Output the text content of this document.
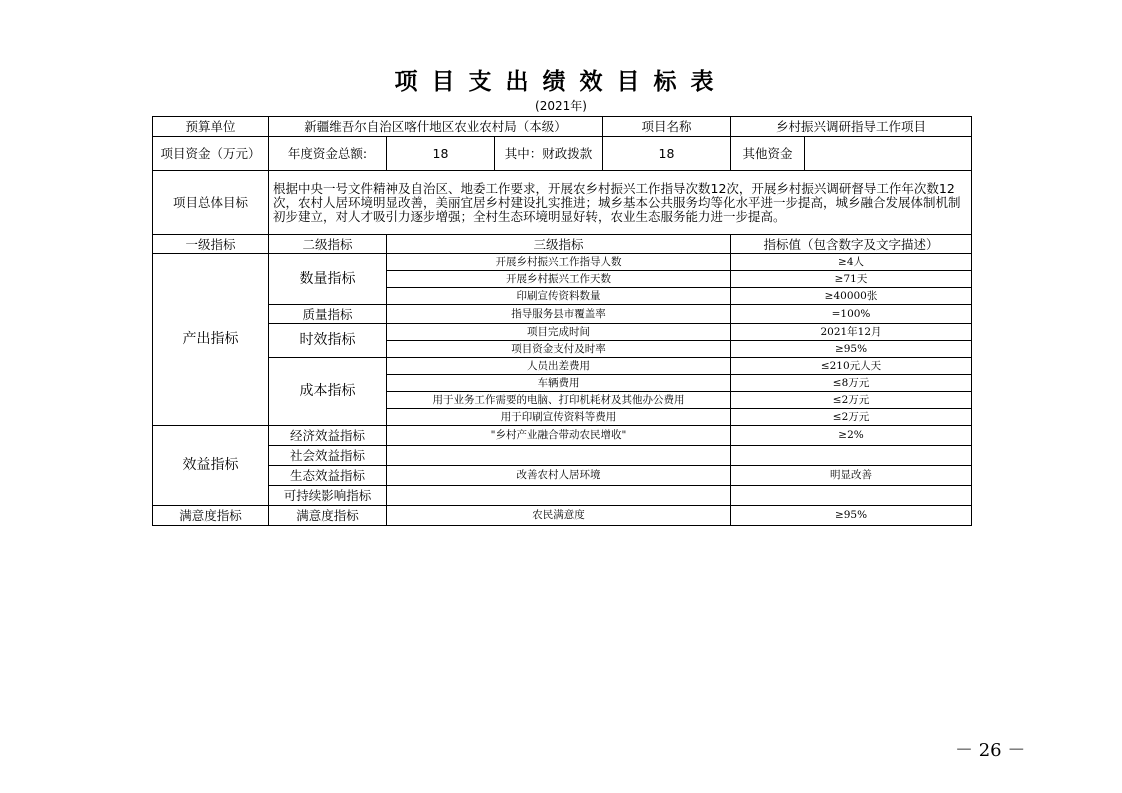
项目支出绩效目标表
(2021年)
预算单位	新疆维吾尔自治区喀什地区农业农村局（本级）			项目名称	乡村振兴调研指导工作项目	
项目资金（万元）	年度资金总额:	18	其中：财政拨款	18	其他资金	
项目总体目标	根据中央一号文件精神及自治区、地委工作要求，开展农乡村振兴工作指导次数12次，开展乡村振兴调研督导工作年次数12次，农村人居环境明显改善，美丽宜居乡村建设扎实推进；城乡基本公共服务均等化水平进一步提高，城乡融合发展体制机制初步建立，对人才吸引力逐步增强；全村生态环境明显好转，农业生态服务能力进一步提高。					
一级指标	二级指标	三级指标			指标值（包含数字及文字描述）	
产出指标	数量指标	开展乡村振兴工作指导人数			≥4人	
		开展乡村振兴工作天数			≥71天	
		印刷宣传资料数量			≥40000张	
	质量指标	指导服务县市覆盖率			=100%	
	时效指标	项目完成时间			2021年12月	
		项目资金支付及时率			≥95%	
	成本指标	人员出差费用			≤210元人天	
		车辆费用			≤8万元	
		用于业务工作需要的电脑、打印机耗材及其他办公费用			≤2万元	
		用于印刷宣传资料等费用			≤2万元	
效益指标	经济效益指标	"乡村产业融合带动农民增收"			≥2%	
	社会效益指标					
	生态效益指标	改善农村人居环境			明显改善	
	可持续影响指标					
满意度指标	满意度指标	农民满意度			≥95%	
－ 26 －
